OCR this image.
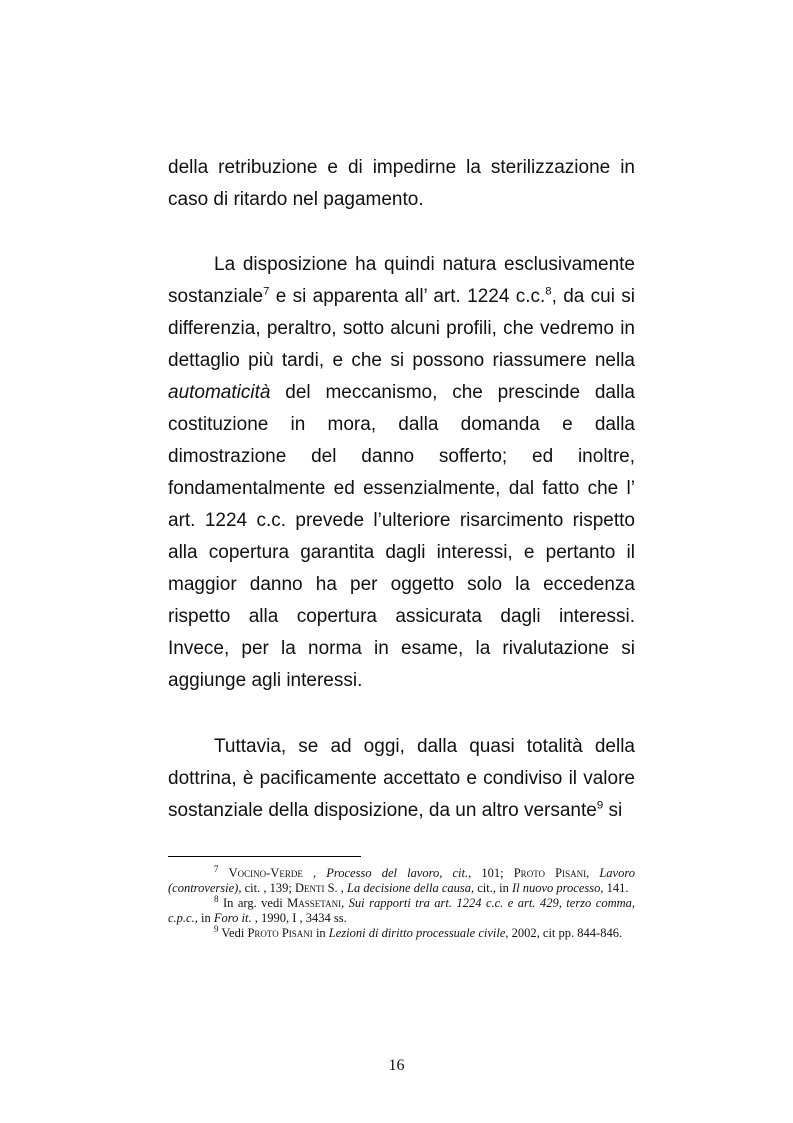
della retribuzione e di impedirne la sterilizzazione in caso di ritardo nel pagamento.

La disposizione ha quindi natura esclusivamente sostanziale$^7$ e si apparenta all’ art. 1224 c.c.$^8$, da cui si differenzia, peraltro, sotto alcuni profili, che vedremo in dettaglio più tardi, e che si possono riassumere nella automaticità del meccanismo, che prescinde dalla costituzione in mora, dalla domanda e dalla dimostrazione del danno sofferto; ed inoltre, fondamentalmente ed essenzialmente, dal fatto che l’ art. 1224 c.c. prevede l’ulteriore risarcimento rispetto alla copertura garantita dagli interessi, e pertanto il maggior danno ha per oggetto solo la eccedenza rispetto alla copertura assicurata dagli interessi. Invece, per la norma in esame, la rivalutazione si aggiunge agli interessi.

Tuttavia, se ad oggi, dalla quasi totalità della dottrina, è pacificamente accettato e condiviso il valore sostanziale della disposizione, da un altro versante$^9$ si

$^7$ Vocino-Verde , Processo del lavoro, cit., 101; Proto Pisani, Lavoro (controversie), cit. , 139; Denti S. , La decisione della causa, cit., in Il nuovo processo, 141.

$^8$ In arg. vedi Massetani, Sui rapporti tra art. 1224 c.c. e art. 429, terzo comma, c.p.c., in Foro it. , 1990, I , 3434 ss.

$^9$ Vedi Proto Pisani in Lezioni di diritto processuale civile, 2002, cit pp. 844-846.

16
